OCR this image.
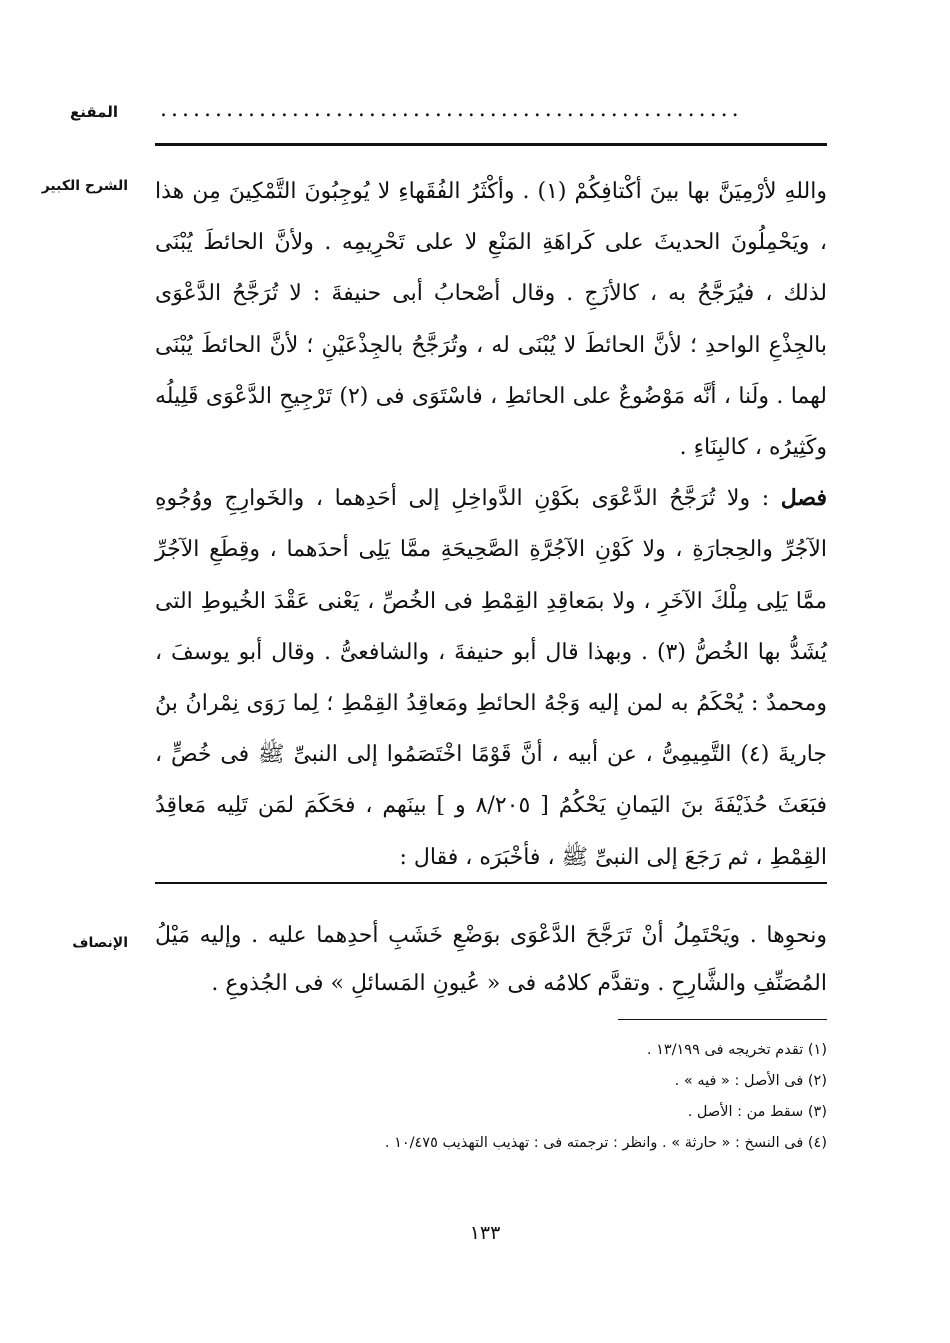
المقنع	.....................................................
الشرح الكبير واللهِ لأرْمِيَنَّ بها بينَ أكْتافِكُمْ (١) . وأكْثَرُ الفُقَهاءِ لا يُوجِبُونَ التَّمْكِينَ مِن هذا ، ويَحْمِلُونَ الحديثَ على كَراهَةِ المَنْعِ لا على تَحْرِيمِه . ولأنَّ الحائطَ يُبْنَى لذلك ، فيُرَجَّحُ به ، كالأزَجِ . وقال أصْحابُ أبى حنيفةَ : لا تُرَجَّحُ الدَّعْوَى بالجِذْعِ الواحدِ ؛ لأنَّ الحائطَ لا يُبْنَى له ، وتُرَجَّحُ بالجِذْعَيْنِ ؛ لأنَّ الحائطَ يُبْنَى لهما . ولَنا ، أنَّه مَوْضُوعٌ على الحائطِ ، فاسْتَوَى فى (٢) تَرْجِيحِ الدَّعْوَى قَلِيلُه وكَثِيرُه ، كالبِنَاءِ .

فصل : ولا تُرَجَّحُ الدَّعْوَى بكَوْنِ الدَّواخِلِ إلى أحَدِهما ، والخَوارِجِ ووُجُوهِ الآجُرِّ والحِجارَةِ ، ولا كَوْنِ الآجُرَّةِ الصَّحِيحَةِ ممَّا يَلِى أحدَهما ، وقِطَعِ الآجُرِّ ممَّا يَلِى مِلْكَ الآخَرِ ، ولا بمَعاقِدِ القِمْطِ فى الخُصِّ ، يَعْنى عَقْدَ الخُيوطِ التى يُشَدُّ بها الخُصُّ (٣) . وبهذا قال أبو حنيفةَ ، والشافعىُّ . وقال أبو يوسفَ ، ومحمدٌ : يُحْكَمُ به لمن إليه وَجْهُ الحائطِ ومَعاقِدُ القِمْطِ ؛ لِما رَوَى نِمْرانُ بنُ جاريةَ (٤) التَّمِيمِىُّ ، عن أبيه ، أنَّ قَوْمًا اخْتَصَمُوا إلى النبىِّ ﷺ فى خُصٍّ ، فبَعَثَ حُذَيْفَةَ بنَ اليَمانِ يَحْكُمُ [ ٨/٢٠٥ و ] بينَهم ، فحَكَمَ لمَن تَلِيه مَعاقِدُ القِمْطِ ، ثم رَجَعَ إلى النبىِّ ﷺ ، فأخْبَرَه ، فقال :

الإنصاف ونحوِها . ويَحْتَمِلُ أنْ تَرَجَّحَ الدَّعْوَى بوَضْعِ خَشَبِ أحدِهما عليه . وإليه مَيْلُ المُصَنِّفِ والشَّارِحِ . وتقدَّم كلامُه فى « عُيونِ المَسائلِ » فى الجُذوعِ .

(١) تقدم تخريجه فى ١٣/١٩٩ .
(٢) فى الأصل : « فيه » .
(٣) سقط من : الأصل .
(٤) فى النسخ : « حارثة » . وانظر : ترجمته فى : تهذيب التهذيب ١٠/٤٧٥ .
١٣٣
